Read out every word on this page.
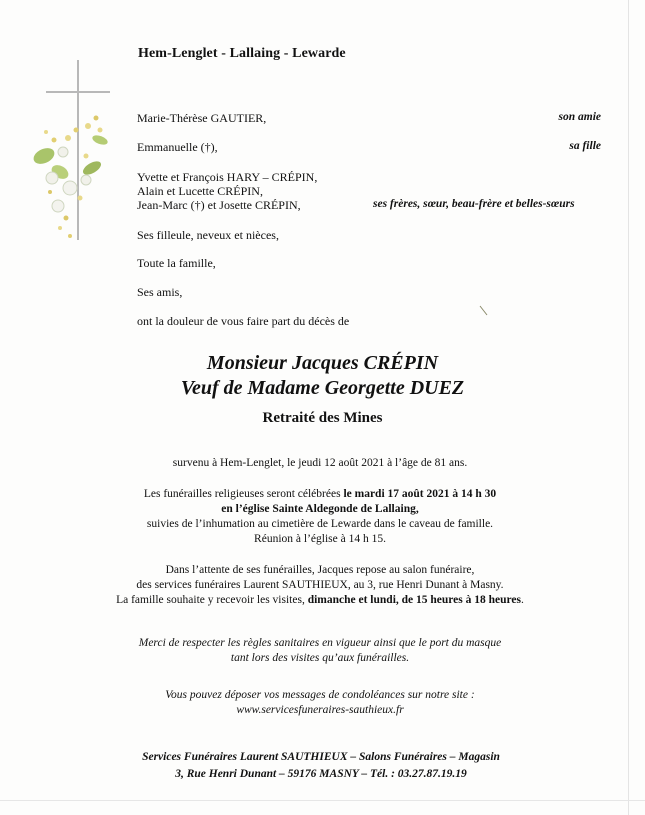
Hem-Lenglet - Lallaing - Lewarde
Marie-Thérèse GAUTIER,	son amie
Emmanuelle (†),	sa fille
Yvette et François HARY – CRÉPIN,
Alain et Lucette CRÉPIN,
Jean-Marc (†) et Josette CRÉPIN,	ses frères, sœur, beau-frère et belles-sœurs
Ses filleule, neveux et nièces,
Toute la famille,
Ses amis,
ont la douleur de vous faire part du décès de
Monsieur Jacques CRÉPIN
Veuf de Madame Georgette DUEZ
Retraité des Mines
survenu à Hem-Lenglet, le jeudi 12 août 2021 à l’âge de 81 ans.
Les funérailles religieuses seront célébrées le mardi 17 août 2021 à 14 h 30
en l’église Sainte Aldegonde de Lallaing,
suivies de l’inhumation au cimetière de Lewarde dans le caveau de famille.
Réunion à l’église à 14 h 15.
Dans l’attente de ses funérailles, Jacques repose au salon funéraire,
des services funéraires Laurent SAUTHIEUX, au 3, rue Henri Dunant à Masny.
La famille souhaite y recevoir les visites, dimanche et lundi, de 15 heures à 18 heures.
Merci de respecter les règles sanitaires en vigueur ainsi que le port du masque
tant lors des visites qu’aux funérailles.
Vous pouvez déposer vos messages de condoléances sur notre site :
www.servicesfuneraires-sauthieux.fr
Services Funéraires Laurent SAUTHIEUX – Salons Funéraires – Magasin
3, Rue Henri Dunant – 59176 MASNY – Tél. : 03.27.87.19.19
